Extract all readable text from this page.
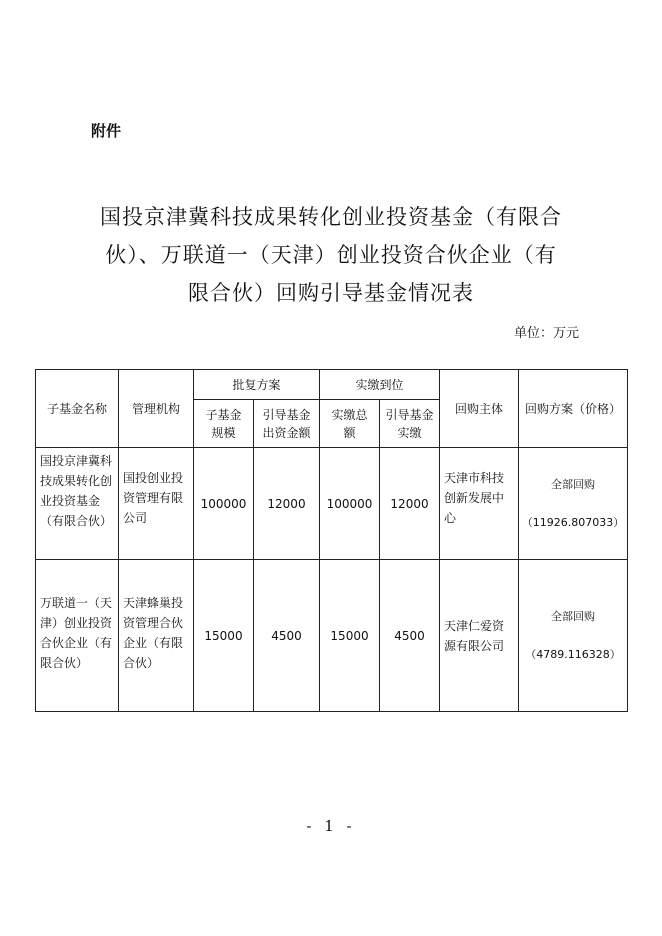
附件
国投京津冀科技成果转化创业投资基金（有限合
伙）、万联道一（天津）创业投资合伙企业（有
限合伙）回购引导基金情况表
单位：万元
子基金名称	管理机构	批复方案		实缴到位		回购主体	回购方案（价格）
		子基金规模	引导基金出资金额	实缴总额	引导基金实缴		
国投京津冀科技成果转化创业投资基金（有限合伙）	国投创业投资管理有限公司	100000	12000	100000	12000	天津市科技创新发展中心	全部回购
（11926.807033）

万联道一（天津）创业投资合伙企业（有限合伙）	天津蜂巢投资管理合伙企业（有限合伙）	15000	4500	15000	4500	天津仁爱资源有限公司	全部回购
（4789.116328）
- 1 -
